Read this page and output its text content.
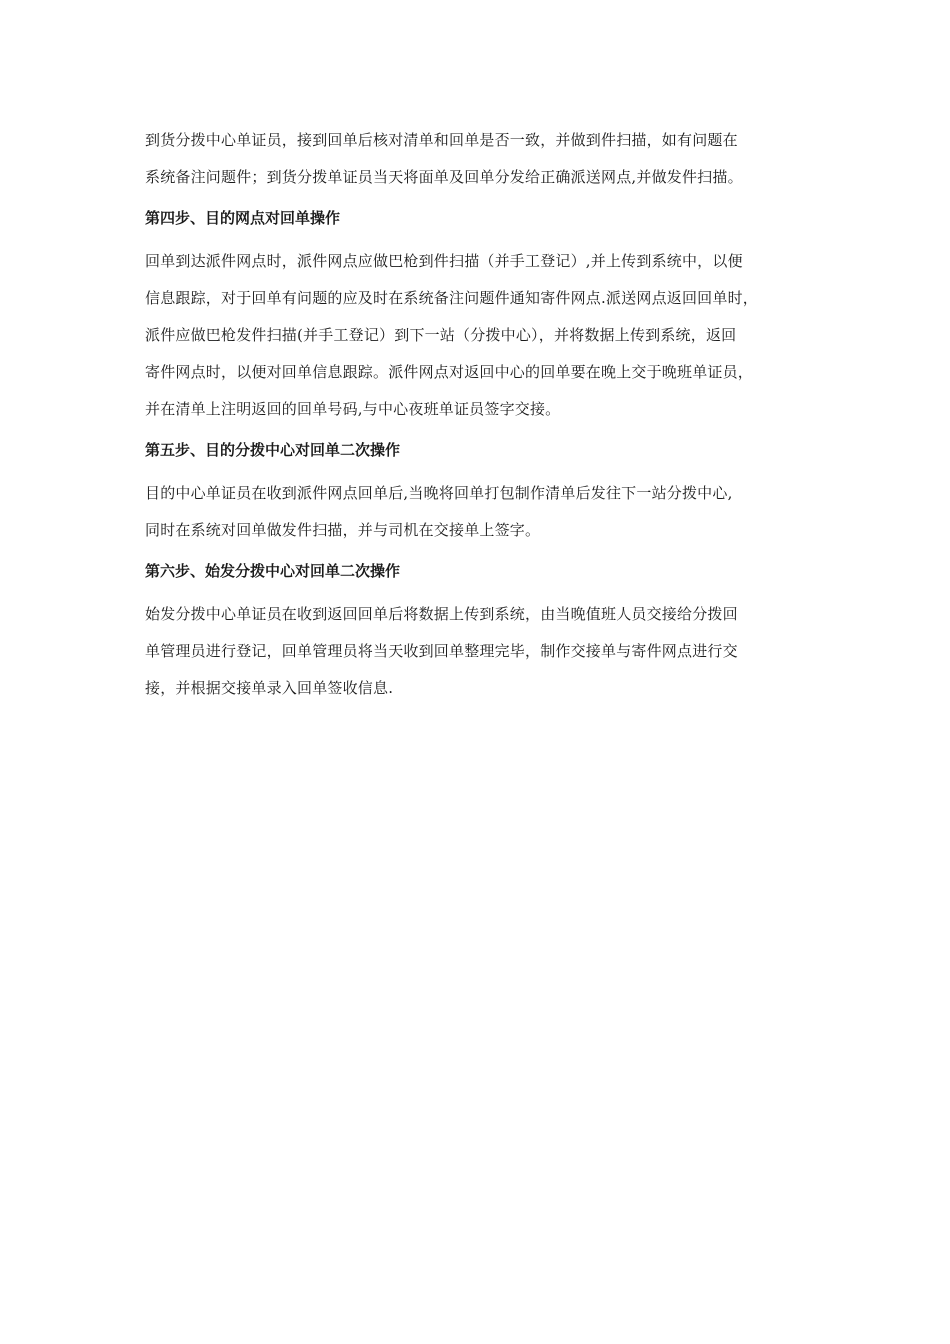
到货分拨中心单证员，接到回单后核对清单和回单是否一致，并做到件扫描，如有问题在
系统备注问题件；到货分拨单证员当天将面单及回单分发给正确派送网点,并做发件扫描。
第四步、目的网点对回单操作
回单到达派件网点时，派件网点应做巴枪到件扫描（并手工登记）,并上传到系统中，以便
信息跟踪，对于回单有问题的应及时在系统备注问题件通知寄件网点.派送网点返回回单时，
派件应做巴枪发件扫描(并手工登记）到下一站（分拨中心），并将数据上传到系统，返回
寄件网点时，以便对回单信息跟踪。派件网点对返回中心的回单要在晚上交于晚班单证员，
并在清单上注明返回的回单号码,与中心夜班单证员签字交接。
第五步、目的分拨中心对回单二次操作
目的中心单证员在收到派件网点回单后,当晚将回单打包制作清单后发往下一站分拨中心,
同时在系统对回单做发件扫描，并与司机在交接单上签字。
第六步、始发分拨中心对回单二次操作
始发分拨中心单证员在收到返回回单后将数据上传到系统，由当晚值班人员交接给分拨回
单管理员进行登记，回单管理员将当天收到回单整理完毕，制作交接单与寄件网点进行交
接，并根据交接单录入回单签收信息.
